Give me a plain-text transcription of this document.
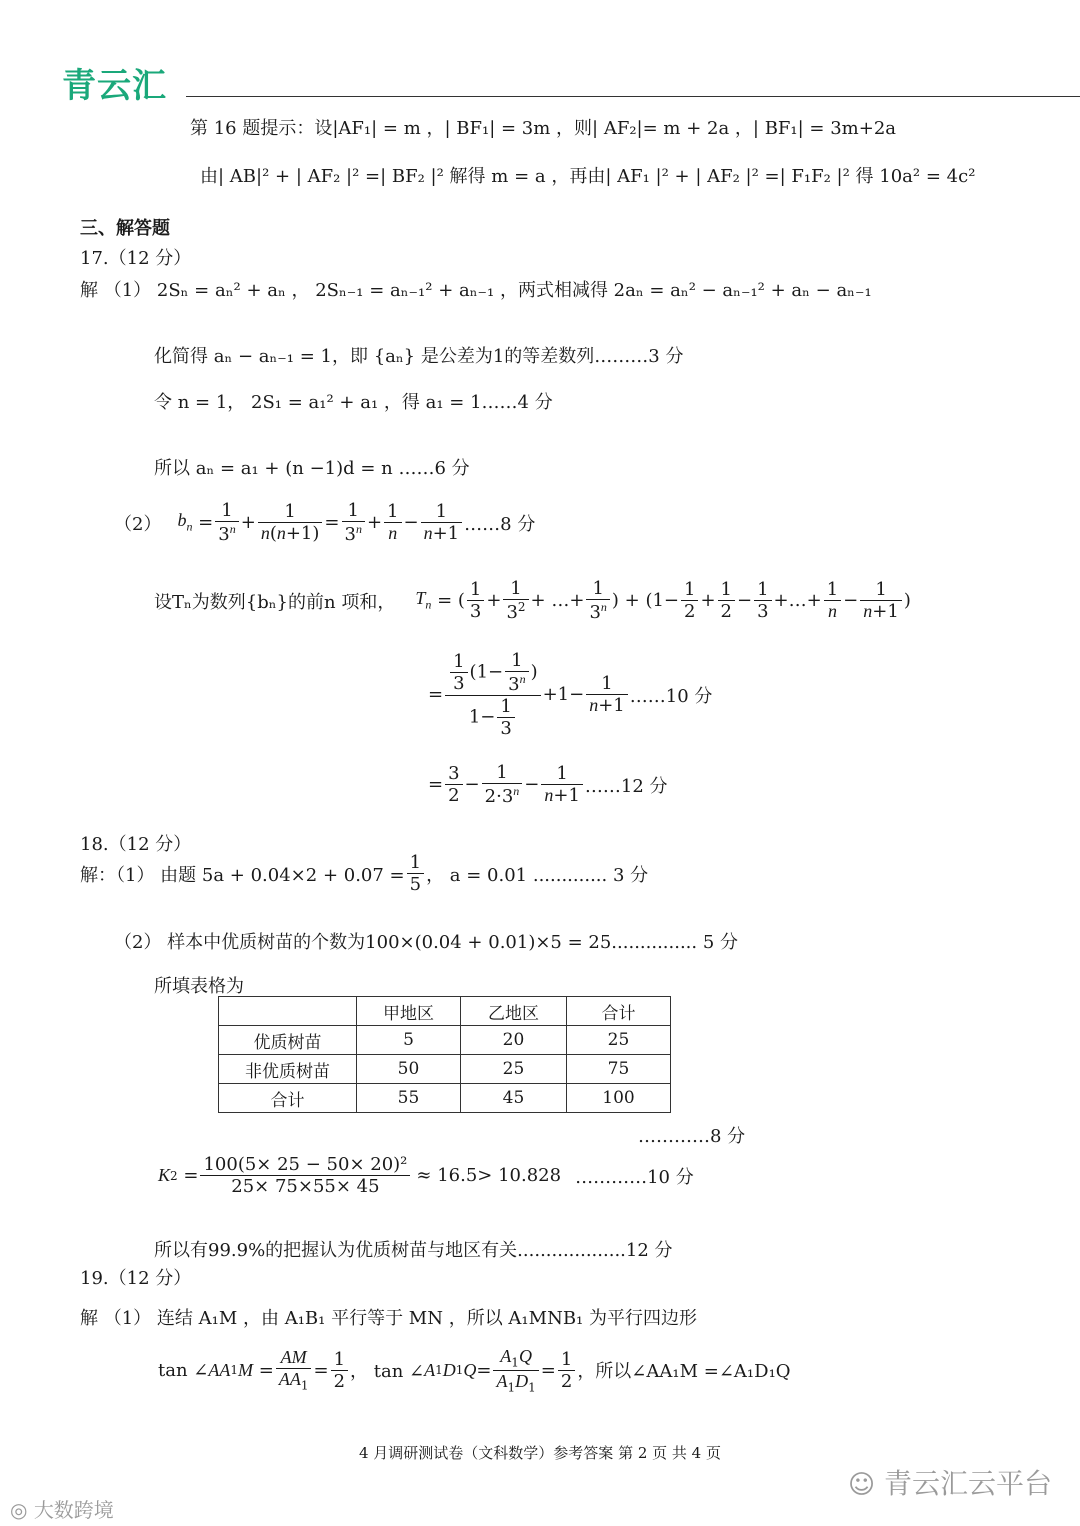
青云汇
第 16 题提示：设|AF₁| = m ，| BF₁| = 3m ，则| AF₂|= m + 2a ，| BF₁| = 3m+2a
由| AB|² + | AF₂ |² =| BF₂ |² 解得 m = a ，再由| AF₁ |² + | AF₂ |² =| F₁F₂ |² 得 10a² = 4c²
三、解答题
17.（12 分）
解 （1） 2Sₙ = aₙ² + aₙ ， 2Sₙ₋₁ = aₙ₋₁² + aₙ₋₁ ，两式相减得 2aₙ = aₙ² − aₙ₋₁² + aₙ − aₙ₋₁
化简得 aₙ − aₙ₋₁ = 1，即 {aₙ} 是公差为1的等差数列………3 分
令 n = 1， 2S₁ = a₁² + a₁ ，得 a₁ = 1……4 分
所以 aₙ = a₁ + (n −1)d = n ……6 分
（2） $b_n = \frac{1}{3^n} + \frac{1}{n(n+1)} = \frac{1}{3^n} + \frac{1}{n} - \frac{1}{n+1}$ ……8 分
设Tₙ为数列{bₙ}的前n 项和， $T_n$ = ( $\frac{1}{3} + \frac{1}{3^2}$ + …+ $\frac{1}{3^n}$ ) + ($1- \frac{1}{2} + \frac{1}{2} - \frac{1}{3}$ +…+ $\frac{1}{n} - \frac{1}{n+1}$ )
= $\frac{\frac{1}{3} (1- \frac{1}{3^n} )}{1- \frac{1}{3}} +1- \frac{1}{n+1}$ ……10 分
= $\frac{3}{2} - \frac{1}{2\cdot 3^n} - \frac{1}{n+1}$ ……12 分
18.（12 分）
解：（1） 由题 $5a + 0.04\times 2 + 0.07 = \frac{1}{5}$ ， a = 0.01 ............. 3 分
（2） 样本中优质树苗的个数为100×(0.04 + 0.01)×5 = 25............... 5 分
所填表格为
	甲地区	乙地区	合计
优质树苗	5	20	25
非优质树苗	50	25	75
合计	55	45	100
…………8 分
K $2 = \frac{\text{100(5× 25 − 50× 20)²}}{25\times 75\times 55\times 45} \approx 16.5> 10.828$ …………10 分
所以有99.9%的把握认为优质树苗与地区有关...................12 分
19.（12 分）
解 （1） 连结 A₁M ，由 A₁B₁ 平行等于 MN ，所以 A₁MNB₁ 为平行四边形
tan ∠ AA 1 $M = \frac{AM}{AA_1} = \frac{1}{2}$ ， tan ∠ A 1 D 1 $Q = \frac{A_1Q}{A_1D_1} = \frac{1}{2}$ ，所以∠AA₁M =∠A₁D₁Q
4 月调研测试卷（文科数学）参考答案 第 2 页 共 4 页
☺ 青云汇云平台
◎ 大数跨境
